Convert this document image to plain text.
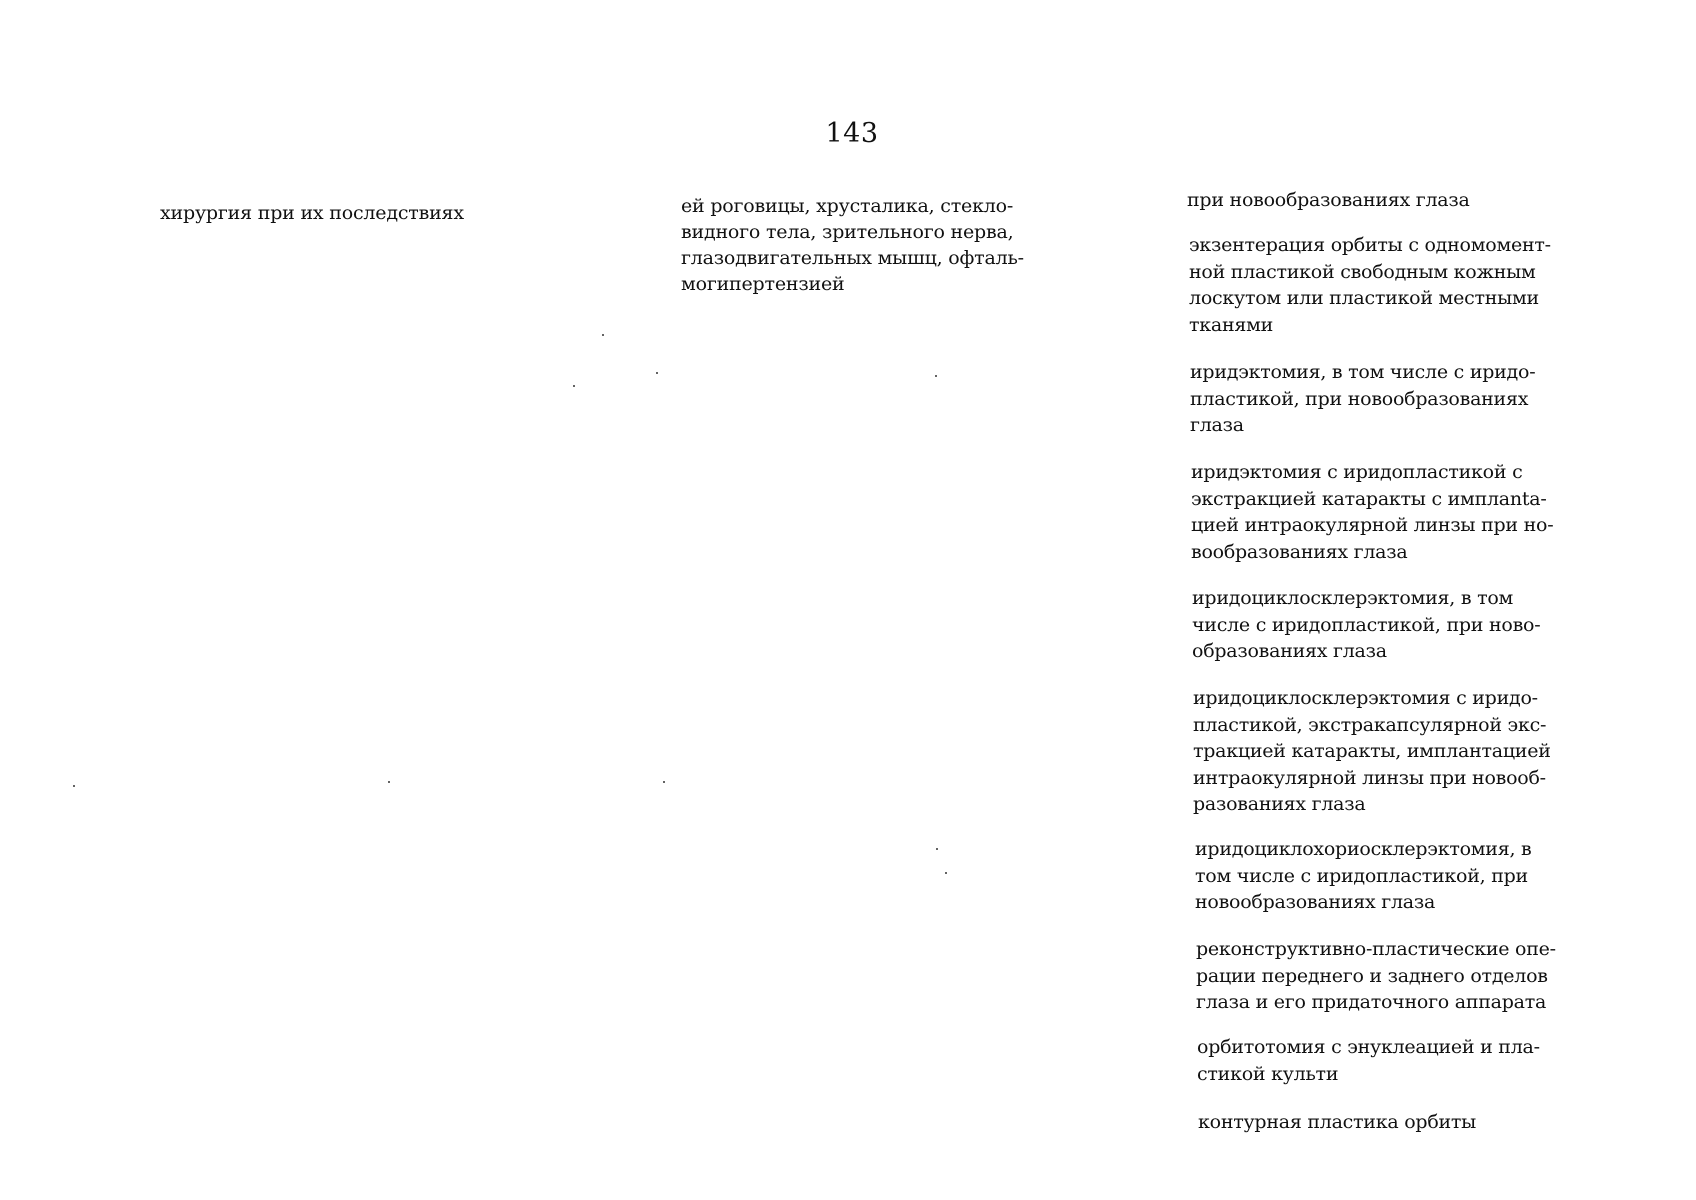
143
хирургия при их последствиях	ей роговицы, хрусталика, стекло-
видного тела, зрительного нерва,
глазодвигательных мышц, офталь-
могипертензией

при новообразованиях глаза

экзентерация орбиты с одномомент-
ной пластикой свободным кожным
лоскутом или пластикой местными
тканями

иридэктомия, в том числе с иридо-
пластикой, при новообразованиях
глаза

иридэктомия с иридопластикой с
экстракцией катаракты с имплanta-
цией интраокулярной линзы при но-
вообразованиях глаза

иридоциклосклерэктомия, в том
числе с иридопластикой, при ново-
образованиях глаза

иридоциклосклерэктомия с иридо-
пластикой, экстракапсулярной экс-
тракцией катаракты, имплантацией
интраокулярной линзы при новооб-
разованиях глаза

иридоциклохориосклерэктомия, в
том числе с иридопластикой, при
новообразованиях глаза

реконструктивно-пластические опе-
рации переднего и заднего отделов
глаза и его придаточного аппарата

орбитотомия с энуклеацией и пла-
стикой культи

контурная пластика орбиты
